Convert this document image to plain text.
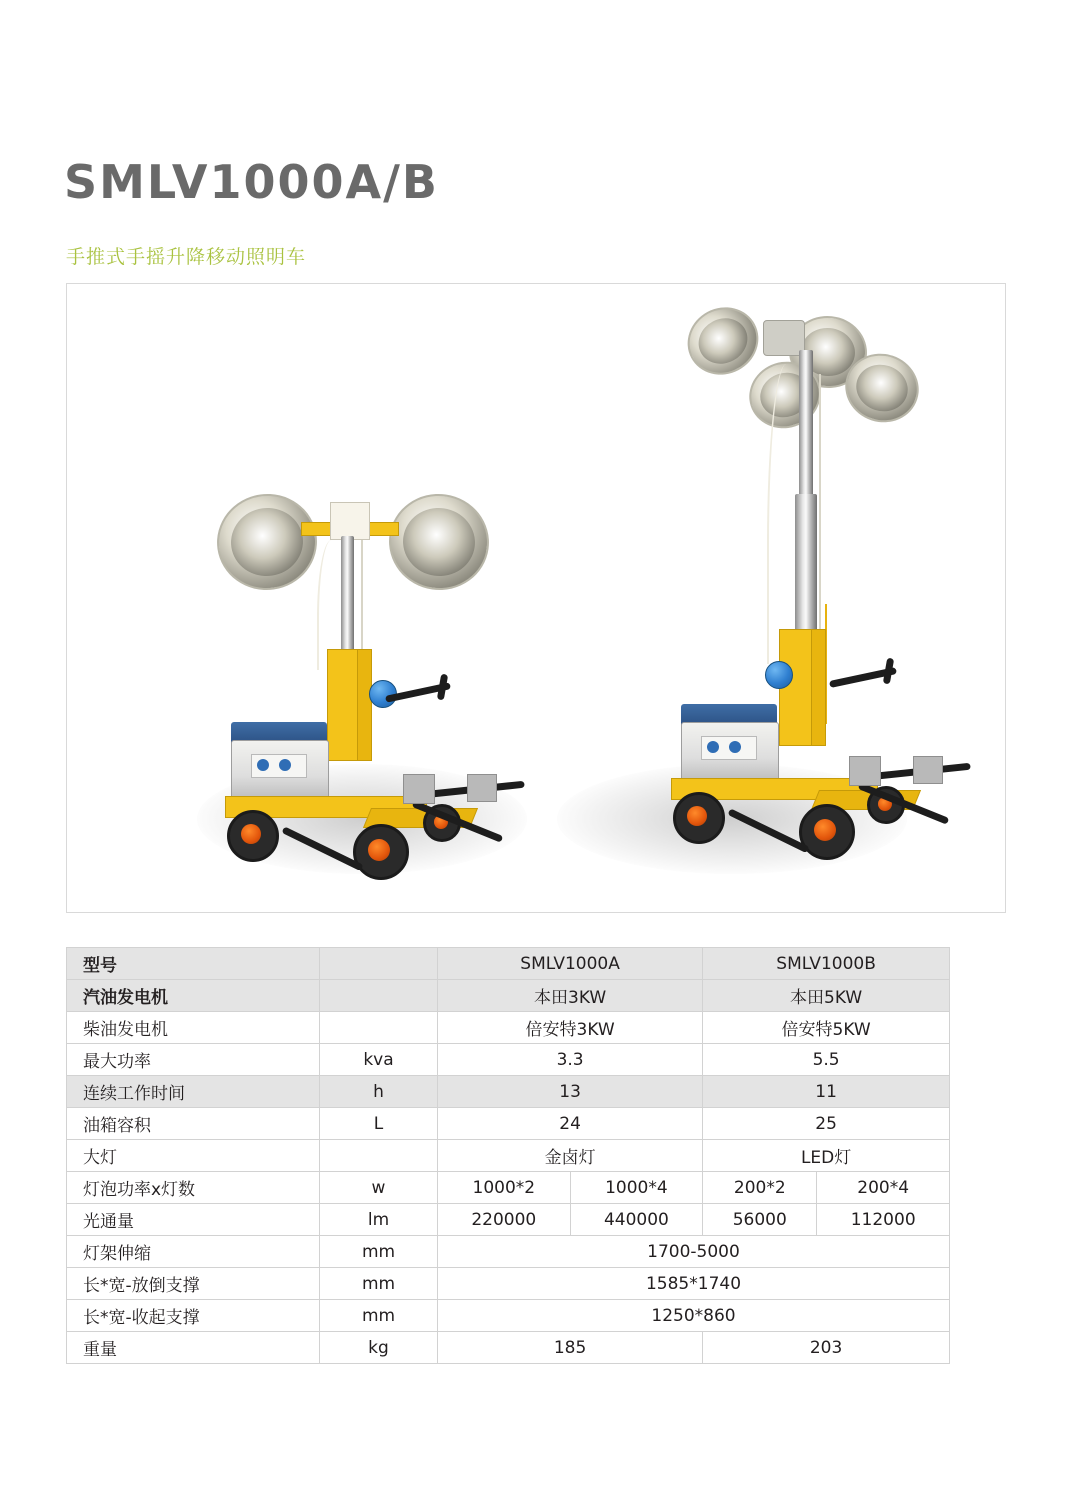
SMLV1000A/B
手推式手摇升降移动照明车
型号		SMLV1000A		SMLV1000B	
汽油发电机		本田3KW		本田5KW	
柴油发电机		倍安特3KW		倍安特5KW	
最大功率	kva	3.3		5.5	
连续工作时间	h	13		11	
油箱容积	L	24		25	
大灯		金卤灯		LED灯	
灯泡功率x灯数	w	1000*2	1000*4	200*2	200*4
光通量	lm	220000	440000	56000	112000
灯架伸缩	mm	1700-5000			
长*宽-放倒支撑	mm	1585*1740			
长*宽-收起支撑	mm	1250*860			
重量	kg	185		203	
